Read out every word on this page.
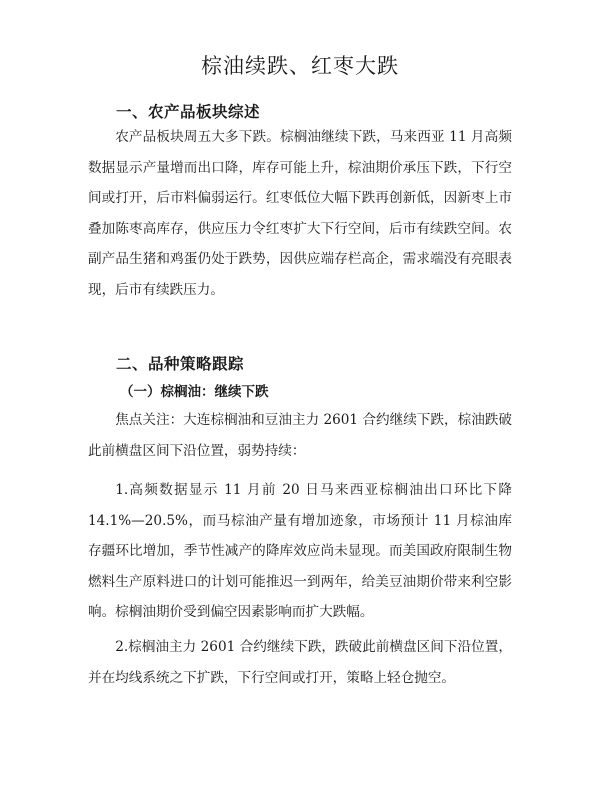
棕油续跌、红枣大跌
一、农产品板块综述

农产品板块周五大多下跌。棕榈油继续下跌，马来西亚 11 月高频数据显示产量增而出口降，库存可能上升，棕油期价承压下跌，下行空间或打开，后市料偏弱运行。红枣低位大幅下跌再创新低，因新枣上市叠加陈枣高库存，供应压力令红枣扩大下行空间，后市有续跌空间。农副产品生猪和鸡蛋仍处于跌势，因供应端存栏高企，需求端没有亮眼表现，后市有续跌压力。

二、品种策略跟踪
（一）棕榈油：继续下跌

焦点关注：大连棕榈油和豆油主力 2601 合约继续下跌，棕油跌破此前横盘区间下沿位置，弱势持续：

1.高频数据显示 11 月前 20 日马来西亚棕榈油出口环比下降 14.1%—20.5%，而马棕油产量有增加迹象，市场预计 11 月棕油库存疆环比增加，季节性减产的降库效应尚未显现。而美国政府限制生物燃料生产原料进口的计划可能推迟一到两年，给美豆油期价带来利空影响。棕榈油期价受到偏空因素影响而扩大跌幅。

2.棕榈油主力 2601 合约继续下跌，跌破此前横盘区间下沿位置，并在均线系统之下扩跌，下行空间或打开，策略上轻仓抛空。
